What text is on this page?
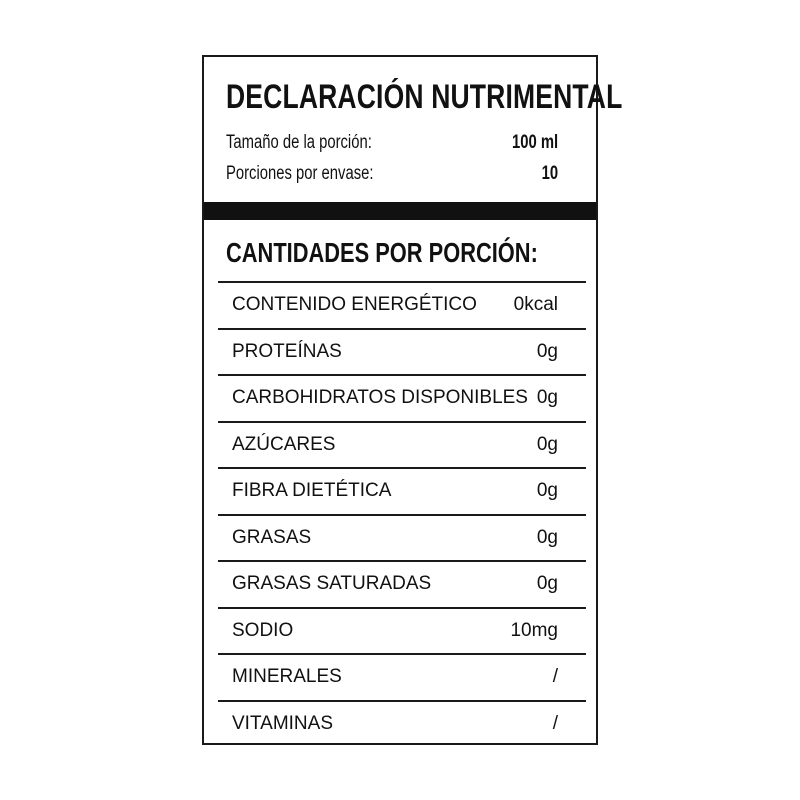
DECLARACIÓN NUTRIMENTAL
Tamaño de la porción:	100 ml
Porciones por envase:	10
CANTIDADES POR PORCIÓN:
CONTENIDO ENERGÉTICO 0kcal
PROTEÍNAS	0g
CARBOHIDRATOS DISPONIBLES 0g
AZÚCARES	0g
FIBRA DIETÉTICA	0g
GRASAS	0g
GRASAS SATURADAS	0g
SODIO	10mg
MINERALES	/
VITAMINAS	/
